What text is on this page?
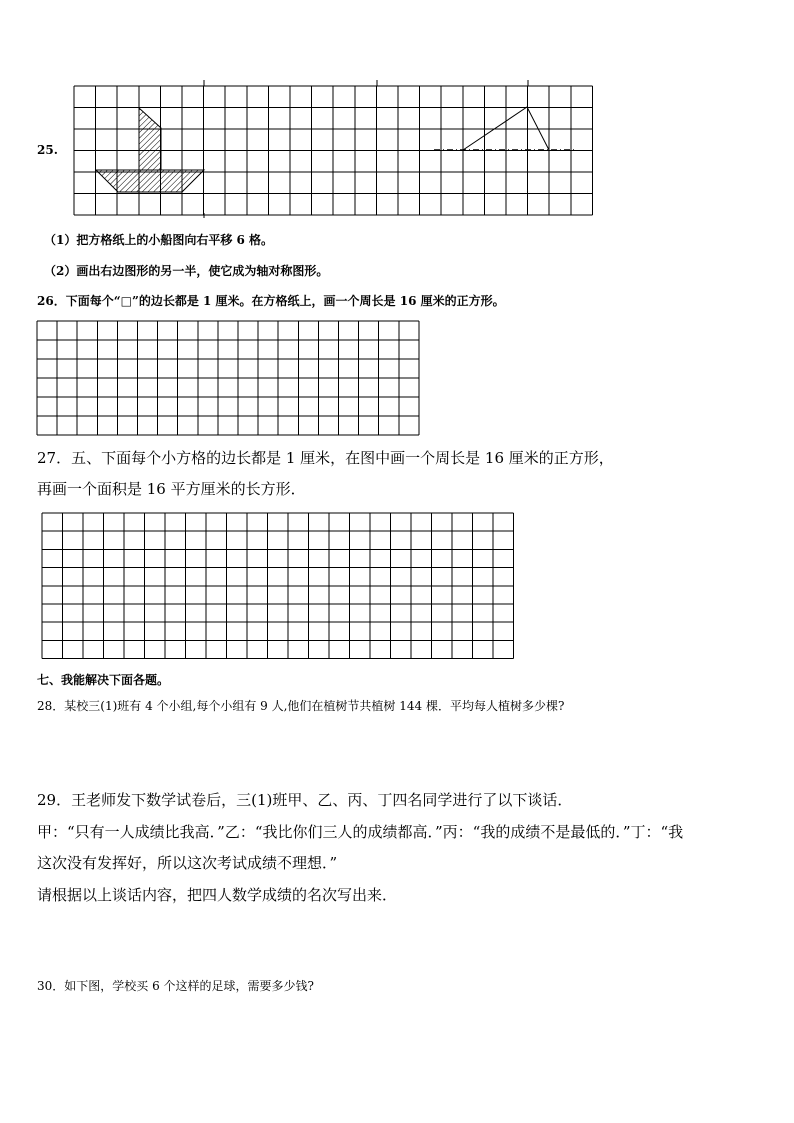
25.
（1）把方格纸上的小船图向右平移 6 格。
（2）画出右边图形的另一半，使它成为轴对称图形。
26．下面每个“□”的边长都是 1 厘米。在方格纸上，画一个周长是 16 厘米的正方形。
27．五、下面每个小方格的边长都是 1 厘米，在图中画一个周长是 16 厘米的正方形，
再画一个面积是 16 平方厘米的长方形．
七、我能解决下面各题。
28．某校三(1)班有 4 个小组,每个小组有 9 人,他们在植树节共植树 144 棵．平均每人植树多少棵?
29．王老师发下数学试卷后，三(1)班甲、乙、丙、丁四名同学进行了以下谈话．
甲：“只有一人成绩比我高．”乙：“我比你们三人的成绩都高．”丙：“我的成绩不是最低的．”丁：“我
这次没有发挥好，所以这次考试成绩不理想．”
请根据以上谈话内容，把四人数学成绩的名次写出来．
30．如下图，学校买 6 个这样的足球，需要多少钱?
